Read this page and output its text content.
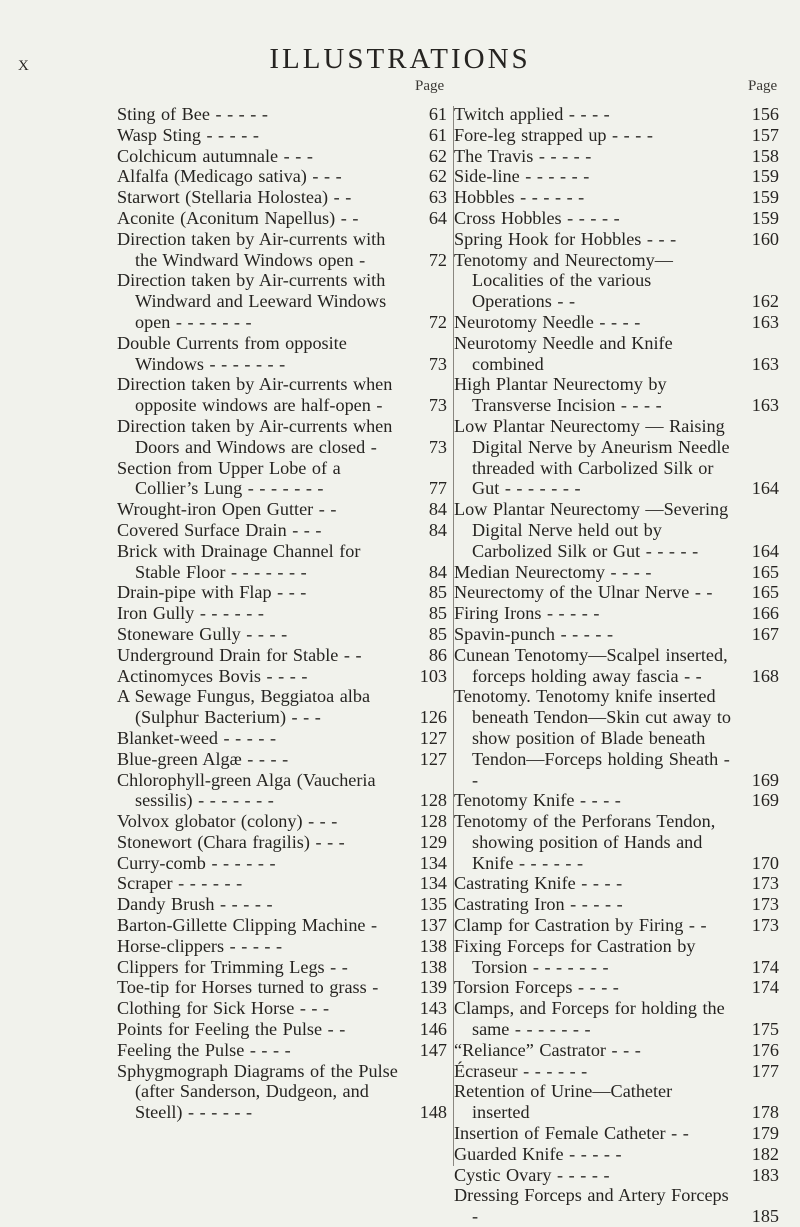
x	ILLUSTRATIONS
Page	Page

Sting of Bee - - - - -	61

Wasp Sting - - - - -	61

Colchicum autumnale - - -	62

Alfalfa (Medicago sativa) - - -	62

Starwort (Stellaria Holostea) - -	63

Aconite (Aconitum Napellus) - -	64

Direction taken by Air-currents with the Windward Windows open -	72

Direction taken by Air-currents with Windward and Leeward Windows open - - - - - - -	72

Double Currents from opposite Windows - - - - - - -	73

Direction taken by Air-currents when opposite windows are half-open -	73

Direction taken by Air-currents when Doors and Windows are closed -	73

Section from Upper Lobe of a Collier’s Lung - - - - - - -	77

Wrought-iron Open Gutter - -	84

Covered Surface Drain - - -	84

Brick with Drainage Channel for Stable Floor - - - - - - -	84

Drain-pipe with Flap - - -	85

Iron Gully - - - - - -	85

Stoneware Gully - - - -	85

Underground Drain for Stable - -	86

Actinomyces Bovis - - - -	103

A Sewage Fungus, Beggiatoa alba (Sulphur Bacterium) - - -	126

Blanket-weed - - - - -	127

Blue-green Algæ - - - -	127

Chlorophyll-green Alga (Vaucheria sessilis) - - - - - - -	128

Volvox globator (colony) - - -	128

Stonewort (Chara fragilis) - - -	129

Curry-comb - - - - - -	134

Scraper - - - - - -	134

Dandy Brush - - - - -	135

Barton-Gillette Clipping Machine -	137

Horse-clippers - - - - -	138

Clippers for Trimming Legs - -	138

Toe-tip for Horses turned to grass -	139

Clothing for Sick Horse - - -	143

Points for Feeling the Pulse - -	146

Feeling the Pulse - - - -	147

Sphygmograph Diagrams of the Pulse (after Sanderson, Dudgeon, and Steell) - - - - - -	148

Twitch applied - - - -	156

Fore-leg strapped up - - - -	157

The Travis - - - - -	158

Side-line - - - - - -	159

Hobbles - - - - - -	159

Cross Hobbles - - - - -	159

Spring Hook for Hobbles - - -	160

Tenotomy and Neurectomy—Localities of the various Operations - -	162

Neurotomy Needle - - - -	163

Neurotomy Needle and Knife combined	163

High Plantar Neurectomy by Transverse Incision - - - -	163

Low Plantar Neurectomy — Raising Digital Nerve by Aneurism Needle threaded with Carbolized Silk or Gut - - - - - - -	164

Low Plantar Neurectomy —Severing Digital Nerve held out by Carbolized Silk or Gut - - - - -	164

Median Neurectomy - - - -	165

Neurectomy of the Ulnar Nerve - -	165

Firing Irons - - - - -	166

Spavin-punch - - - - -	167

Cunean Tenotomy—Scalpel inserted, forceps holding away fascia - -	168

Tenotomy. Tenotomy knife inserted beneath Tendon—Skin cut away to show position of Blade beneath Tendon—Forceps holding Sheath - -	169

Tenotomy Knife - - - -	169

Tenotomy of the Perforans Tendon, showing position of Hands and Knife - - - - - -	170

Castrating Knife - - - -	173

Castrating Iron - - - - -	173

Clamp for Castration by Firing - -	173

Fixing Forceps for Castration by Torsion - - - - - - -	174

Torsion Forceps - - - -	174

Clamps, and Forceps for holding the same - - - - - - -	175

“Reliance” Castrator - - -	176

Écraseur - - - - - -	177

Retention of Urine—Catheter inserted	178

Insertion of Female Catheter - -	179

Guarded Knife - - - - -	182

Cystic Ovary - - - - -	183

Dressing Forceps and Artery Forceps -	185
